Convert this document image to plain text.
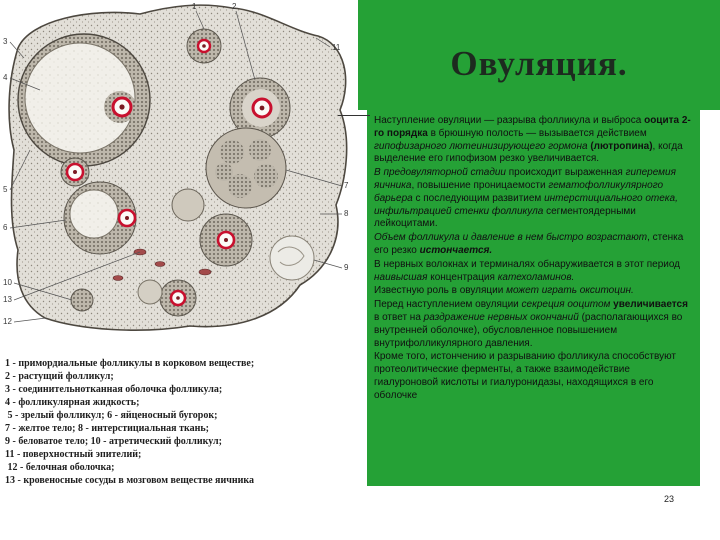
1	2
3
4
5
6
7
8
9
10
11
12
13
1 - примордиальные фолликулы в корковом веществе;
2 - растущий фолликул;
3 - соединительнотканная оболочка фолликула;
4 - фолликулярная жидкость;
5 - зрелый фолликул; 6 - яйценосный бугорок;
7 - желтое тело; 8 - интерстициальная ткань;
9 - беловатое тело; 10 - атретический фолликул;
11 - поверхностный эпителий;
12 - белочная оболочка;
13 - кровеносные сосуды в мозговом веществе яичника
Овуляция.

Наступление овуляции — разрыва фолликула и выброса ооцита 2-го порядка в брюшную полость — вызывается действием гипофизарного лютеинизирующего гормона (лютропина), когда выделение его гипофизом резко увеличивается.

В предовуляторной стадии происходит выраженная гиперемия яичника, повышение проницаемости гематофолликулярного барьера с последующим развитием интерстициального отека, инфильтрацией стенки фолликула сегментоядерными лейкоцитами.

Объем фолликула и давление в нем быстро возрастают, стенка его резко истончается.

В нервных волокнах и терминалях обнаруживается в этот период наивысшая концентрация катехоламинов.

Известную роль в овуляции может играть окситоцин.

Перед наступлением овуляции секреция ооцитом увеличивается в ответ на раздражение нервных окончаний (располагающихся во внутренней оболочке), обусловленное повышением внутрифолликулярного давления.

Кроме того, истончению и разрыванию фолликула способствуют протеолитические ферменты, а также взаимодействие гиалуроновой кислоты и гиалуронидазы, находящихся в его оболочке

23
